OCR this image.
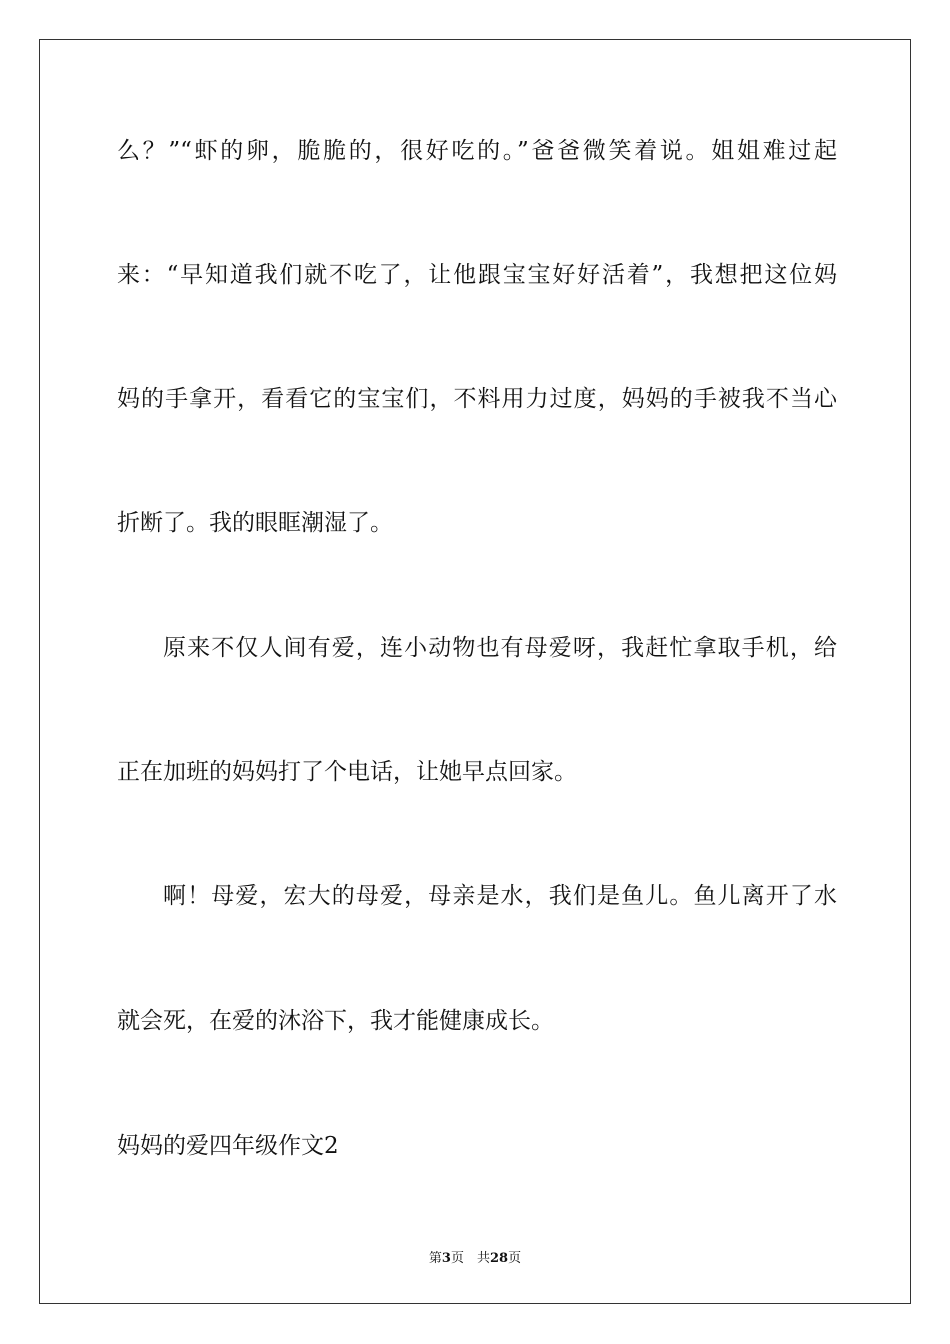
么？”“虾的卵，脆脆的，很好吃的。”爸爸微笑着说。姐姐难过起
来：“早知道我们就不吃了，让他跟宝宝好好活着”，我想把这位妈
妈的手拿开，看看它的宝宝们，不料用力过度，妈妈的手被我不当心
折断了。我的眼眶潮湿了。
原来不仅人间有爱，连小动物也有母爱呀，我赶忙拿取手机，给
正在加班的妈妈打了个电话，让她早点回家。
啊！母爱，宏大的母爱，母亲是水，我们是鱼儿。鱼儿离开了水
就会死，在爱的沐浴下，我才能健康成长。
妈妈的爱四年级作文2
第3页　共28页
